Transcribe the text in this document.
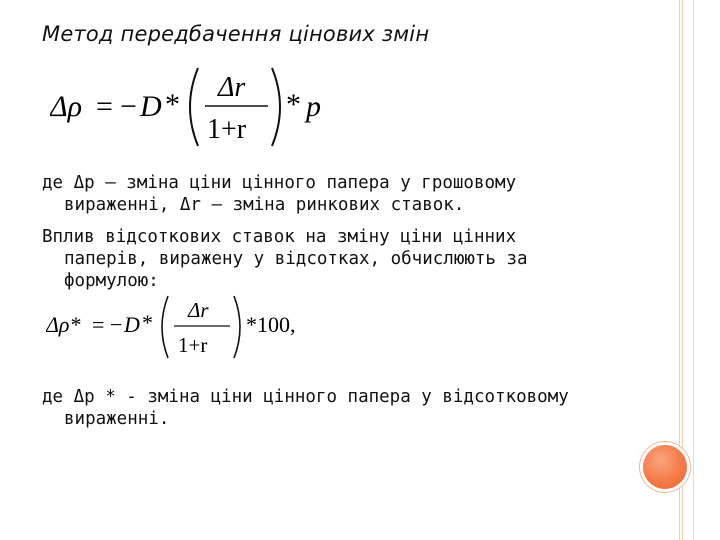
Метод передбачення цінових змін
Δρ = − D *
Δr
1+r
* p
де Δр – зміна ціни цінного папера у грошовому
вираженні, Δr – зміна ринкових ставок.
Вплив відсоткових ставок на зміну ціни цінних
паперів, виражену у відсотках, обчислюють за
формулою:
Δρ* = − D * Δr
1+r
*100,
де Δр * - зміна ціни цінного папера у відсотковому
вираженні.
